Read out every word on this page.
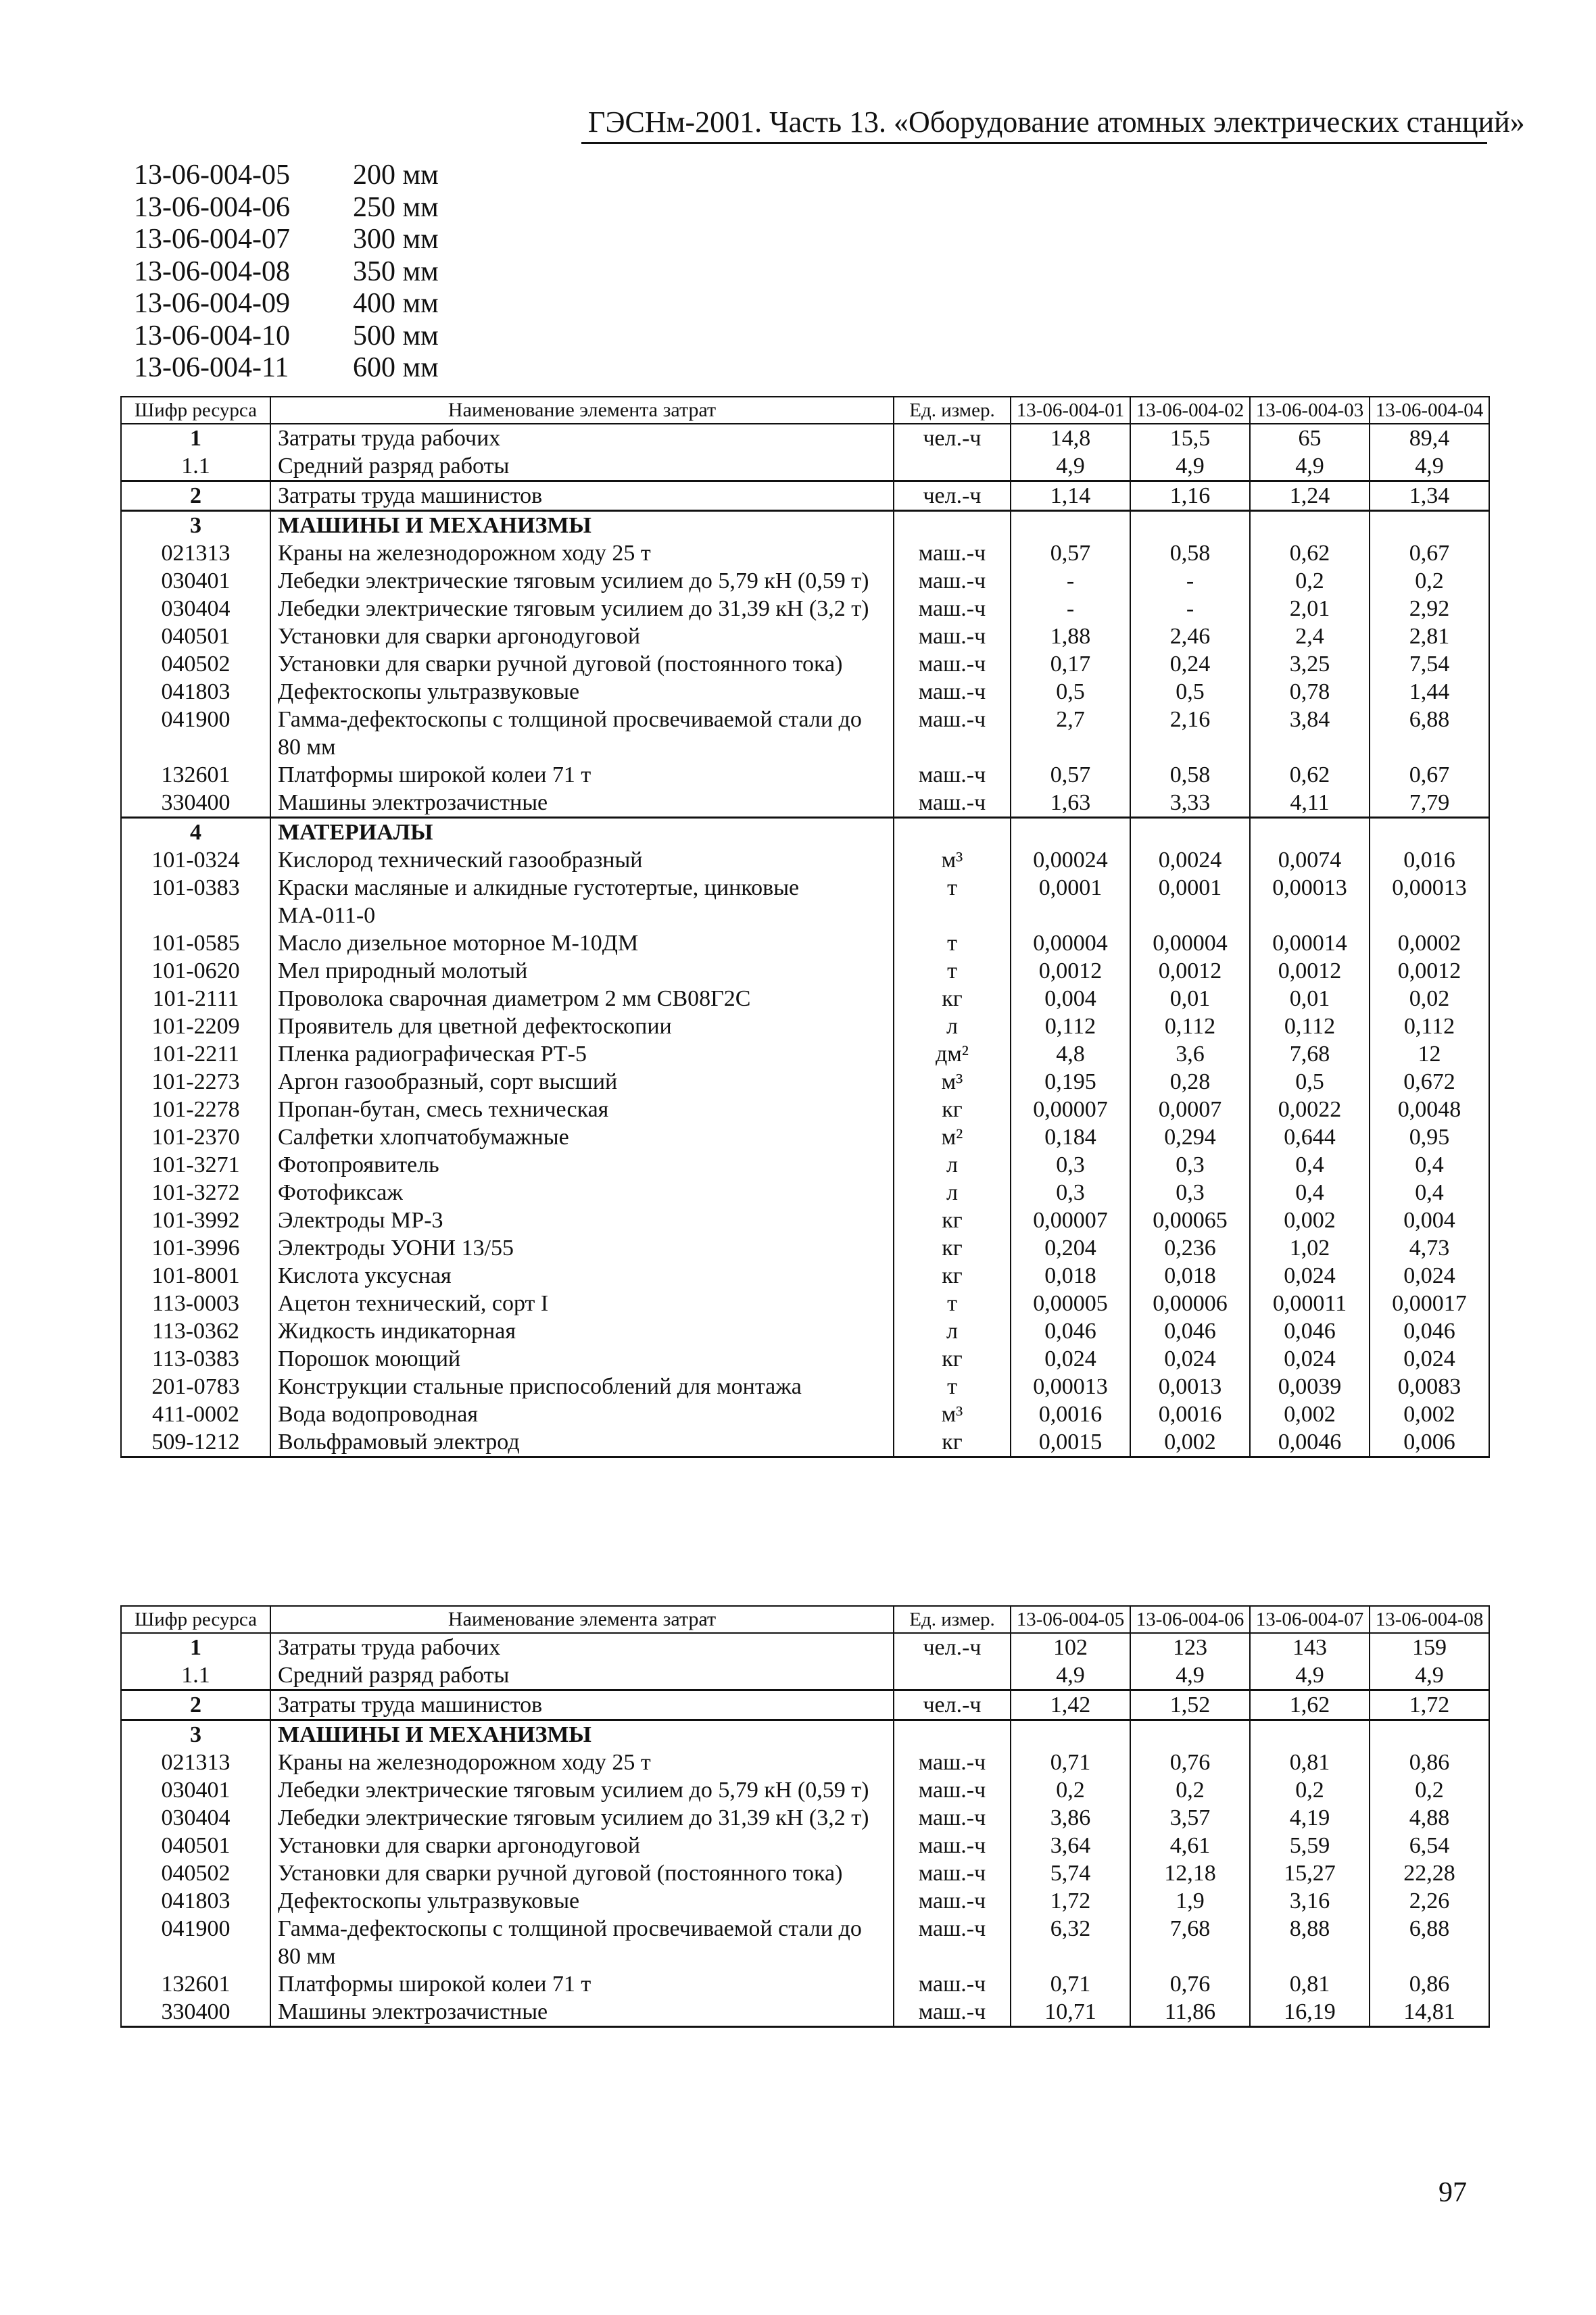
ГЭСНм-2001. Часть 13. «Оборудование атомных электрических станций»
13-06-004-05	200 мм
13-06-004-06	250 мм
13-06-004-07	300 мм
13-06-004-08	350 мм
13-06-004-09	400 мм
13-06-004-10	500 мм
13-06-004-11	600 мм
Шифр ресурса	Наименование элемента затрат	Ед. измер.	13-06-004-01	13-06-004-02	13-06-004-03	13-06-004-04
1	Затраты труда рабочих	чел.-ч	14,8	15,5	65	89,4
1.1	Средний разряд работы		4,9	4,9	4,9	4,9
2	Затраты труда машинистов	чел.-ч	1,14	1,16	1,24	1,34
3	МАШИНЫ И МЕХАНИЗМЫ					
021313	Краны на железнодорожном ходу 25 т	маш.-ч	0,57	0,58	0,62	0,67
030401	Лебедки электрические тяговым усилием до 5,79 кН (0,59 т)	маш.-ч	-	-	0,2	0,2
030404	Лебедки электрические тяговым усилием до 31,39 кН (3,2 т)	маш.-ч	-	-	2,01	2,92
040501	Установки для сварки аргонодуговой	маш.-ч	1,88	2,46	2,4	2,81
040502	Установки для сварки ручной дуговой (постоянного тока)	маш.-ч	0,17	0,24	3,25	7,54
041803	Дефектоскопы ультразвуковые	маш.-ч	0,5	0,5	0,78	1,44
041900	Гамма-дефектоскопы с толщиной просвечиваемой стали до 80 мм	маш.-ч	2,7	2,16	3,84	6,88
132601	Платформы широкой колеи 71 т	маш.-ч	0,57	0,58	0,62	0,67
330400	Машины электрозачистные	маш.-ч	1,63	3,33	4,11	7,79
4	МАТЕРИАЛЫ					
101-0324	Кислород технический газообразный	м³	0,00024	0,0024	0,0074	0,016
101-0383	Краски масляные и алкидные густотертые, цинковые МА-011-0	т	0,0001	0,0001	0,00013	0,00013
101-0585	Масло дизельное моторное М-10ДМ	т	0,00004	0,00004	0,00014	0,0002
101-0620	Мел природный молотый	т	0,0012	0,0012	0,0012	0,0012
101-2111	Проволока сварочная диаметром 2 мм СВ08Г2С	кг	0,004	0,01	0,01	0,02
101-2209	Проявитель для цветной дефектоскопии	л	0,112	0,112	0,112	0,112
101-2211	Пленка радиографическая РТ-5	дм²	4,8	3,6	7,68	12
101-2273	Аргон газообразный, сорт высший	м³	0,195	0,28	0,5	0,672
101-2278	Пропан-бутан, смесь техническая	кг	0,00007	0,0007	0,0022	0,0048
101-2370	Салфетки хлопчатобумажные	м²	0,184	0,294	0,644	0,95
101-3271	Фотопроявитель	л	0,3	0,3	0,4	0,4
101-3272	Фотофиксаж	л	0,3	0,3	0,4	0,4
101-3992	Электроды МР-3	кг	0,00007	0,00065	0,002	0,004
101-3996	Электроды УОНИ 13/55	кг	0,204	0,236	1,02	4,73
101-8001	Кислота уксусная	кг	0,018	0,018	0,024	0,024
113-0003	Ацетон технический, сорт I	т	0,00005	0,00006	0,00011	0,00017
113-0362	Жидкость индикаторная	л	0,046	0,046	0,046	0,046
113-0383	Порошок моющий	кг	0,024	0,024	0,024	0,024
201-0783	Конструкции стальные приспособлений для монтажа	т	0,00013	0,0013	0,0039	0,0083
411-0002	Вода водопроводная	м³	0,0016	0,0016	0,002	0,002
509-1212	Вольфрамовый электрод	кг	0,0015	0,002	0,0046	0,006
Шифр ресурса	Наименование элемента затрат	Ед. измер.	13-06-004-05	13-06-004-06	13-06-004-07	13-06-004-08
1	Затраты труда рабочих	чел.-ч	102	123	143	159
1.1	Средний разряд работы		4,9	4,9	4,9	4,9
2	Затраты труда машинистов	чел.-ч	1,42	1,52	1,62	1,72
3	МАШИНЫ И МЕХАНИЗМЫ					
021313	Краны на железнодорожном ходу 25 т	маш.-ч	0,71	0,76	0,81	0,86
030401	Лебедки электрические тяговым усилием до 5,79 кН (0,59 т)	маш.-ч	0,2	0,2	0,2	0,2
030404	Лебедки электрические тяговым усилием до 31,39 кН (3,2 т)	маш.-ч	3,86	3,57	4,19	4,88
040501	Установки для сварки аргонодуговой	маш.-ч	3,64	4,61	5,59	6,54
040502	Установки для сварки ручной дуговой (постоянного тока)	маш.-ч	5,74	12,18	15,27	22,28
041803	Дефектоскопы ультразвуковые	маш.-ч	1,72	1,9	3,16	2,26
041900	Гамма-дефектоскопы с толщиной просвечиваемой стали до 80 мм	маш.-ч	6,32	7,68	8,88	6,88
132601	Платформы широкой колеи 71 т	маш.-ч	0,71	0,76	0,81	0,86
330400	Машины электрозачистные	маш.-ч	10,71	11,86	16,19	14,81
97
